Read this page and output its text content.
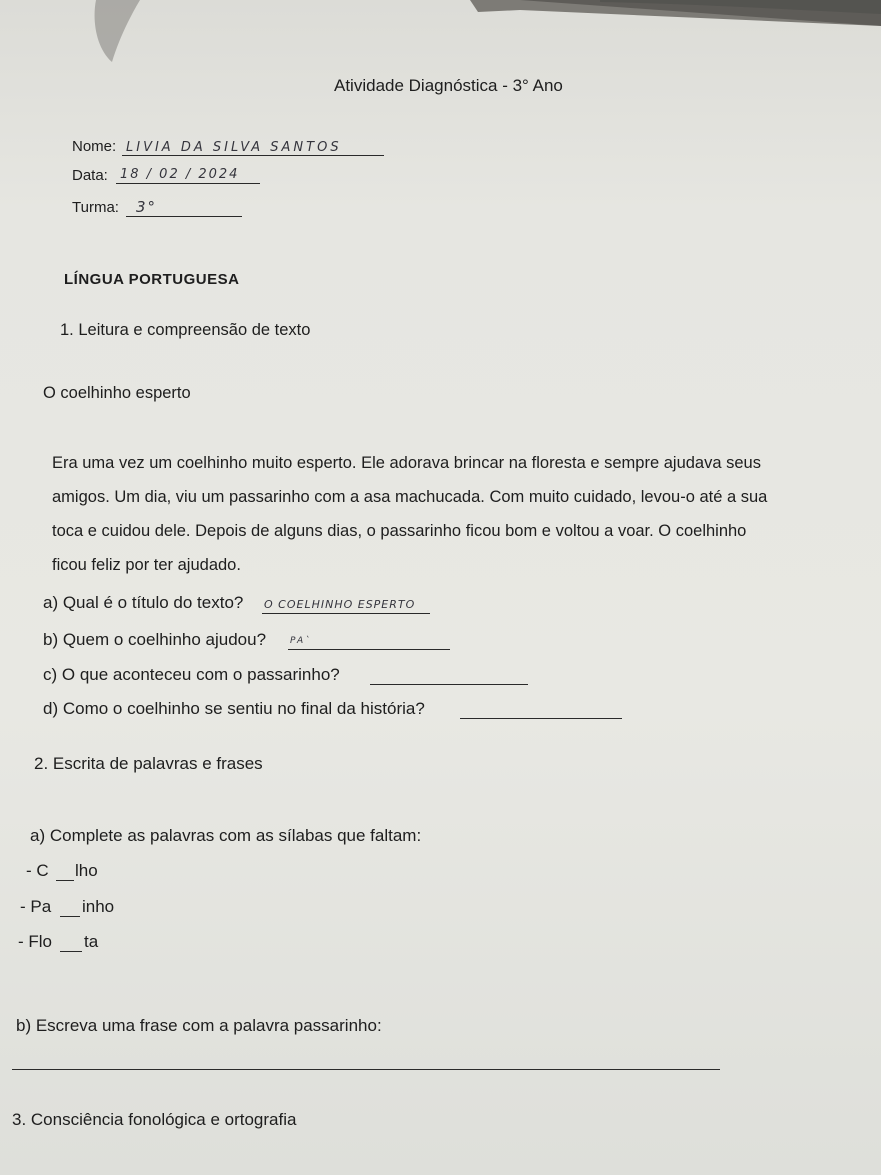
Atividade Diagnóstica - 3° Ano
Nome: LIVIA DA SILVA SANTOS
Data: 18 / 02 / 2024
Turma: 3°
LÍNGUA PORTUGUESA
1. Leitura e compreensão de texto
O coelhinho esperto
Era uma vez um coelhinho muito esperto. Ele adorava brincar na floresta e sempre ajudava seus
amigos. Um dia, viu um passarinho com a asa machucada. Com muito cuidado, levou-o até a sua
toca e cuidou dele. Depois de alguns dias, o passarinho ficou bom e voltou a voar. O coelhinho
ficou feliz por ter ajudado.
a) Qual é o título do texto? O COELHINHO ESPERTO
b) Quem o coelhinho ajudou?	PA`
c) O que aconteceu com o passarinho?
d) Como o coelhinho se sentiu no final da história?
2. Escrita de palavras e frases
a) Complete as palavras com as sílabas que faltam:
- C lho
- Pa inho
- Flo ta
b) Escreva uma frase com a palavra passarinho:
3. Consciência fonológica e ortografia
